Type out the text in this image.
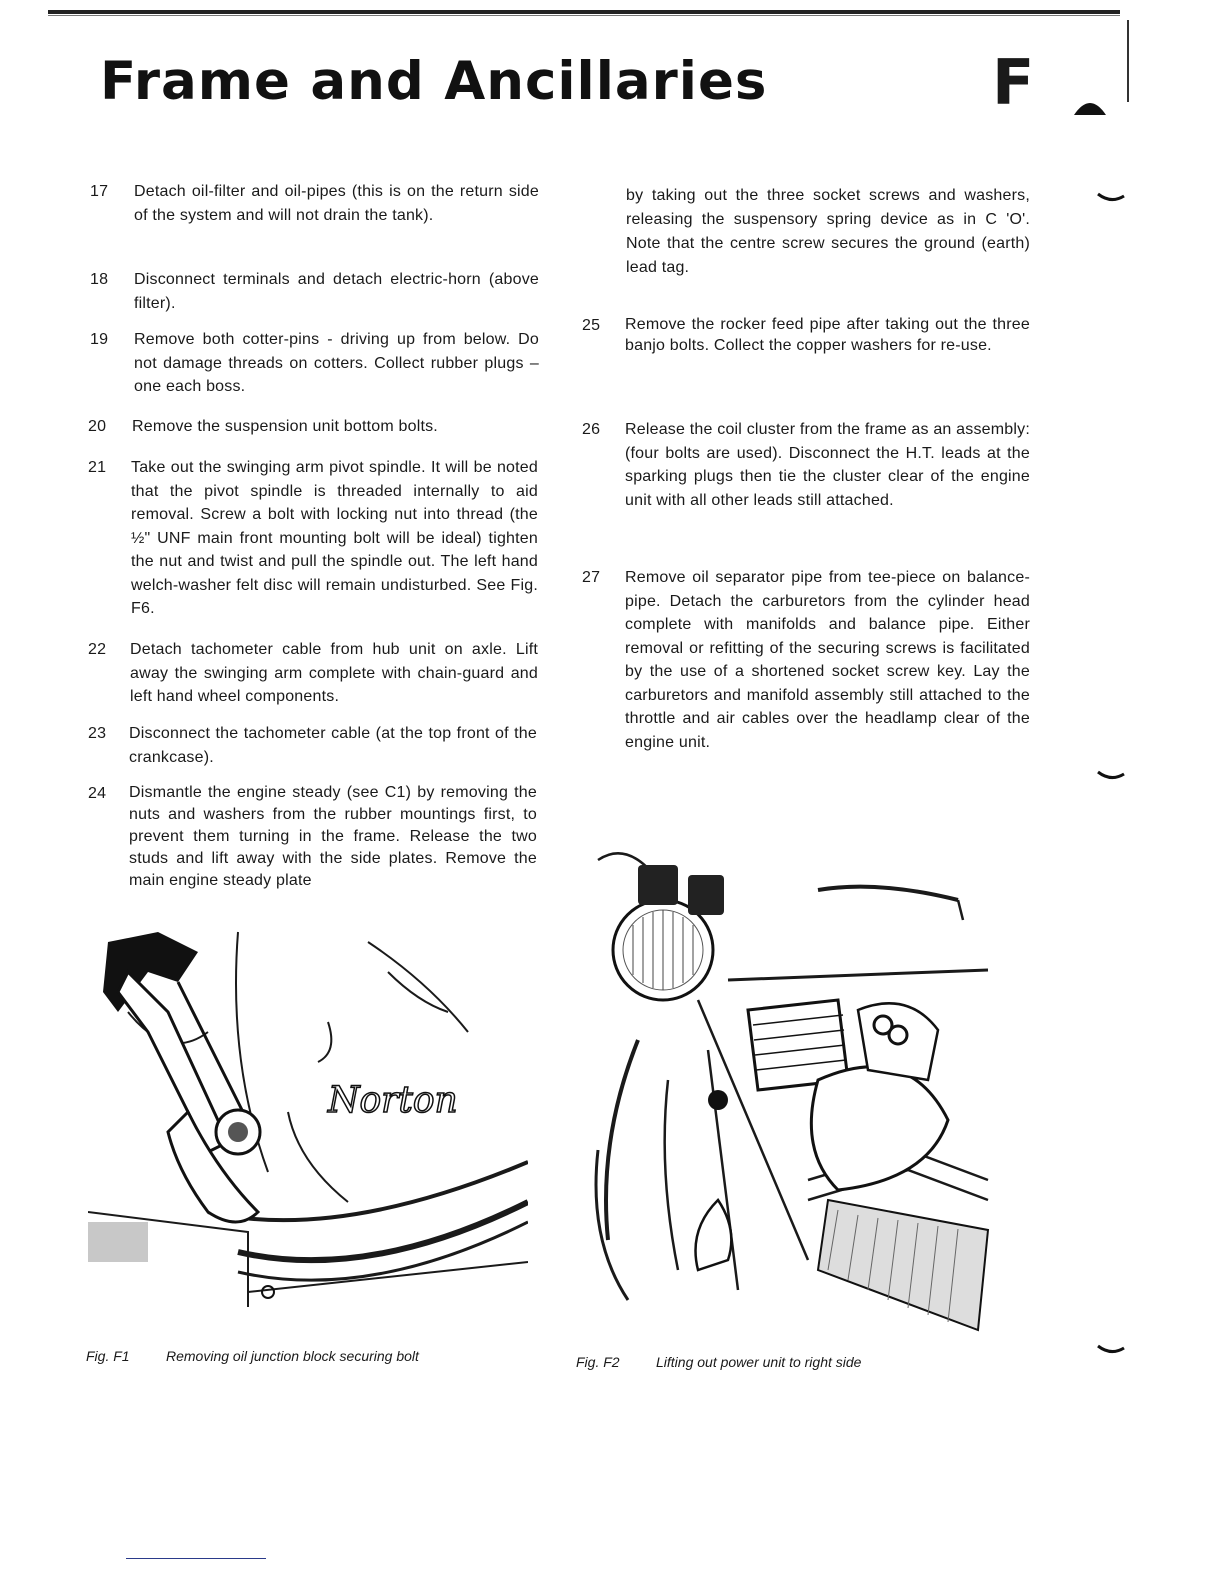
Frame and Ancillaries	F
17 Detach oil-filter and oil-pipes (this is on the return side of the system and will not drain the tank).
18 Disconnect terminals and detach electric-horn (above filter).
19 Remove both cotter-pins - driving up from below. Do not damage threads on cotters. Collect rubber plugs – one each boss.
20 Remove the suspension unit bottom bolts.
21 Take out the swinging arm pivot spindle. It will be noted that the pivot spindle is threaded internally to aid removal. Screw a bolt with locking nut into thread (the ½" UNF main front mounting bolt will be ideal) tighten the nut and twist and pull the spindle out. The left hand welch-washer felt disc will remain undisturbed. See Fig. F6.
22 Detach tachometer cable from hub unit on axle. Lift away the swinging arm complete with chain-guard and left hand wheel components.
23 Disconnect the tachometer cable (at the top front of the crankcase).
24 Dismantle the engine steady (see C1) by removing the nuts and washers from the rubber mountings first, to prevent them turning in the frame. Release the two studs and lift away with the side plates. Remove the main engine steady plate
by taking out the three socket screws and washers, releasing the suspensory spring device as in C 'O'. Note that the centre screw secures the ground (earth) lead tag.
25 Remove the rocker feed pipe after taking out the three banjo bolts. Collect the copper washers for re-use.
26 Release the coil cluster from the frame as an assembly: (four bolts are used). Disconnect the H.T. leads at the sparking plugs then tie the cluster clear of the engine unit with all other leads still attached.
27 Remove oil separator pipe from tee-piece on balance-pipe. Detach the carburetors from the cylinder head complete with manifolds and balance pipe. Either removal or refitting of the securing screws is facilitated by the use of a shortened socket screw key. Lay the carburetors and manifold assembly still attached to the throttle and air cables over the headlamp clear of the engine unit.
Norton
Fig. F1	Removing oil junction block securing bolt	Fig. F2	Lifting out power unit to right side
